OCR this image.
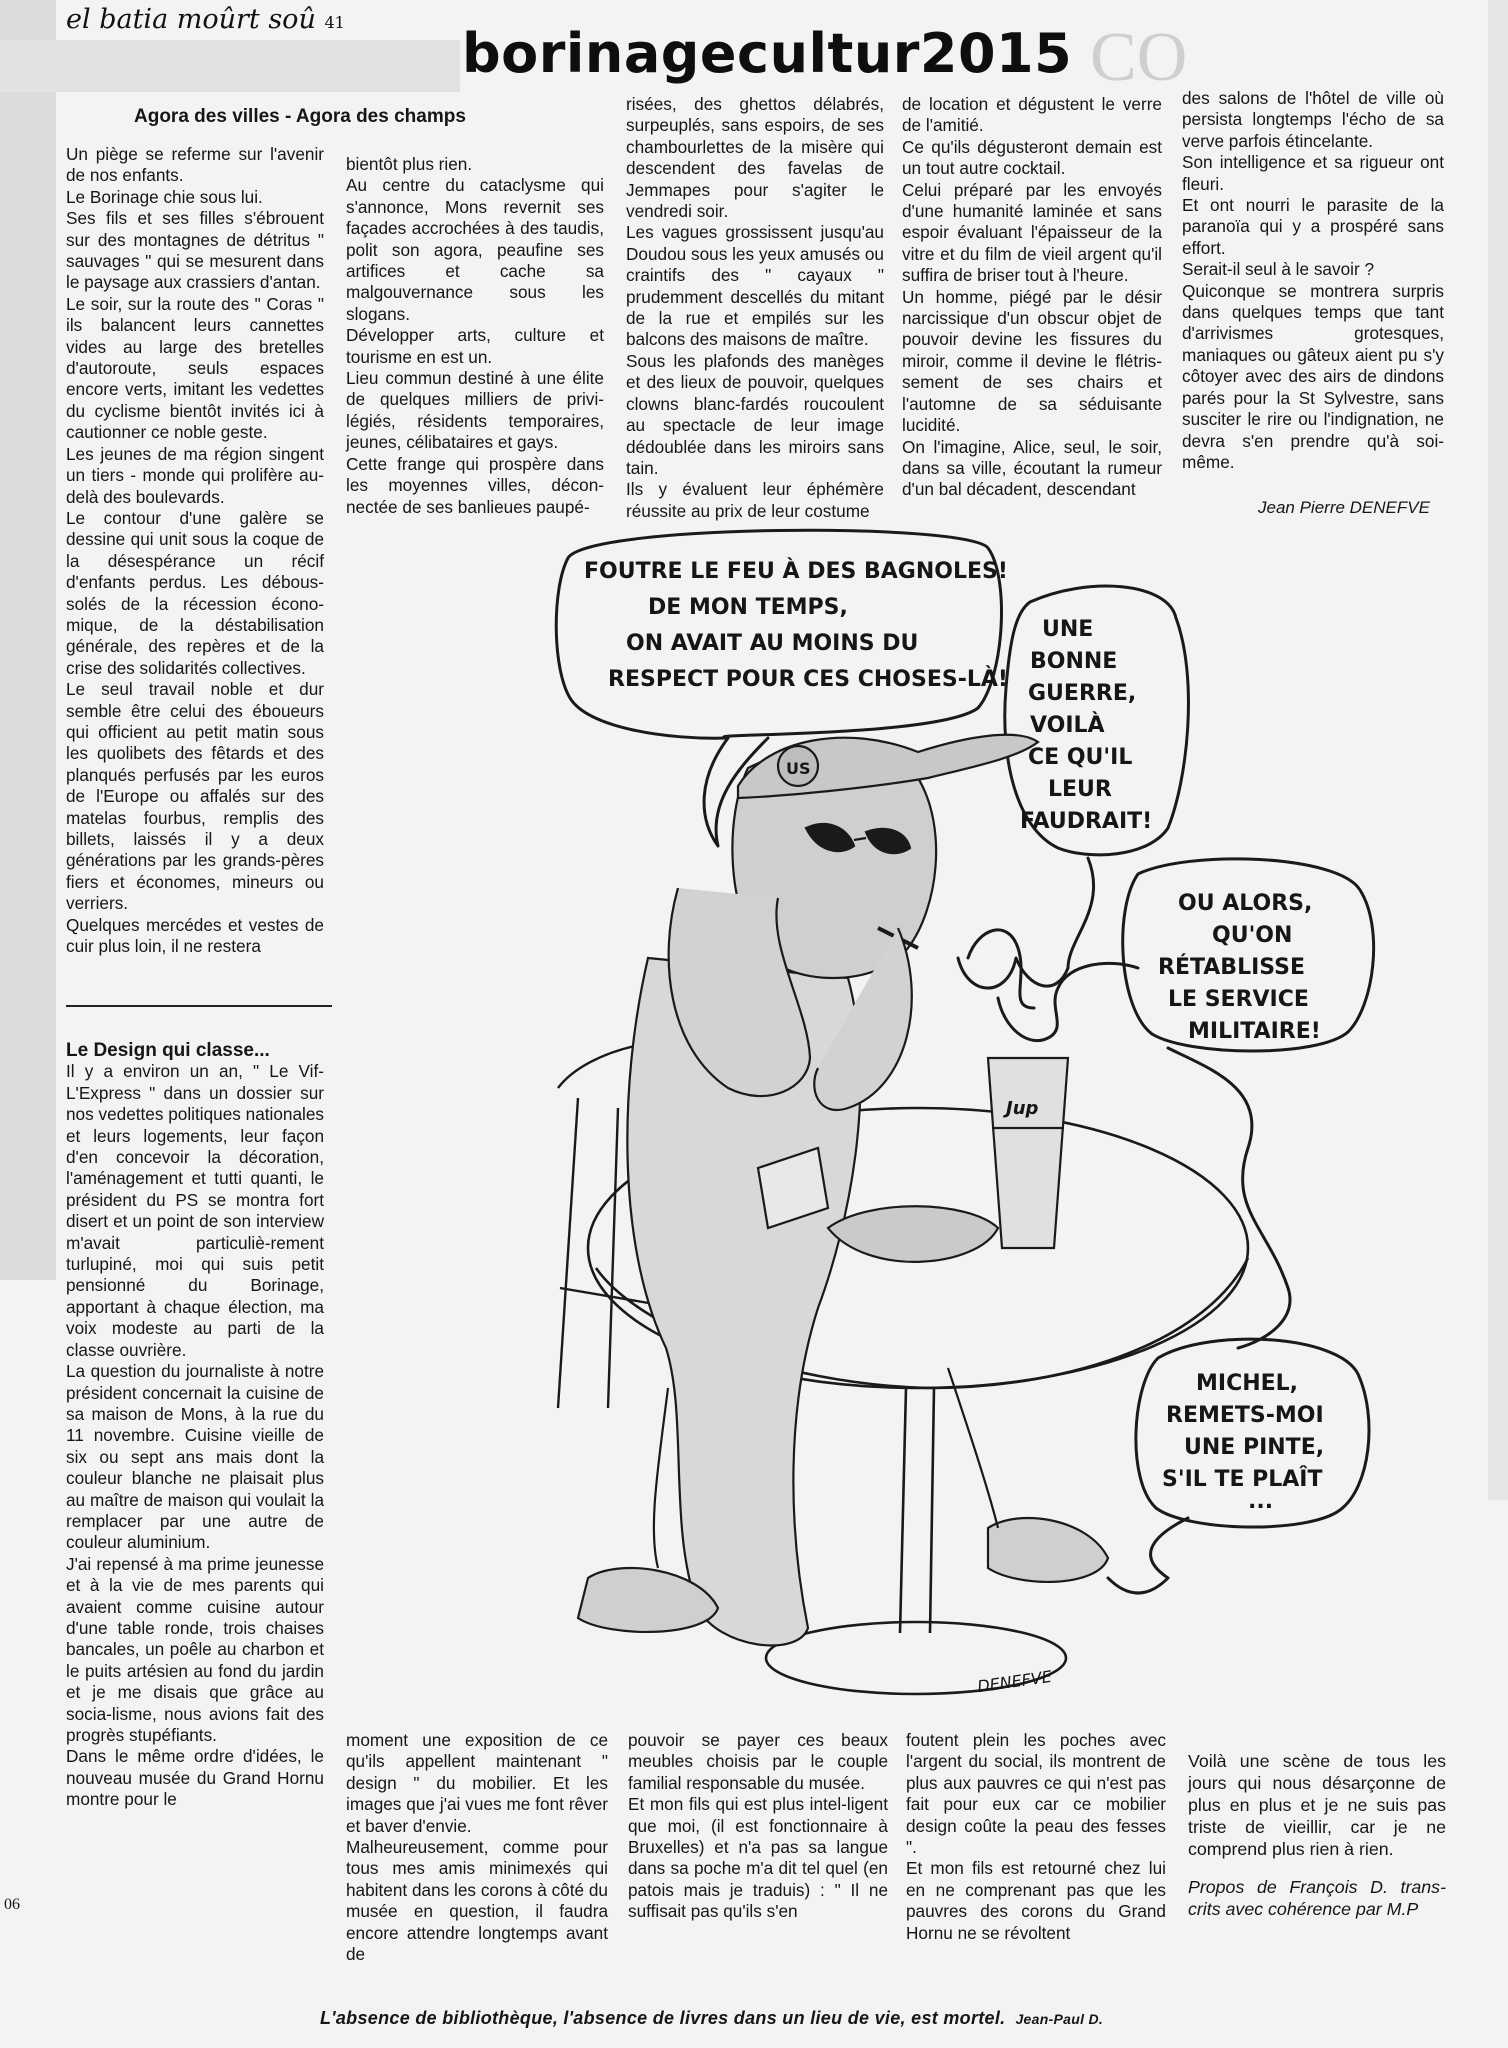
CO
el batia moûrt soû 41 borinagecultur2015

Agora des villes - Agora des champs

Un piège se referme sur l'avenir de nos enfants.

Le Borinage chie sous lui.

Ses fils et ses filles s'ébrouent sur des montagnes de détritus " sauvages " qui se mesurent dans le paysage aux crassiers d'antan.

Le soir, sur la route des " Coras " ils balancent leurs cannettes vides au large des bretelles d'autoroute, seuls espaces encore verts, imitant les vedettes du cyclisme bientôt invités ici à cautionner ce noble geste.

Les jeunes de ma région singent un tiers - monde qui prolifère au-delà des boulevards.

Le contour d'une galère se dessine qui unit sous la coque de la désespérance un récif d'enfants perdus. Les débous-solés de la récession écono-mique, de la déstabilisation générale, des repères et de la crise des solidarités collectives.

Le seul travail noble et dur semble être celui des éboueurs qui officient au petit matin sous les quolibets des fêtards et des planqués perfusés par les euros de l'Europe ou affalés sur des matelas fourbus, remplis des billets, laissés il y a deux générations par les grands-pères fiers et économes, mineurs ou verriers.

Quelques mercédes et vestes de cuir plus loin, il ne restera

bientôt plus rien.

Au centre du cataclysme qui s'annonce, Mons revernit ses façades accrochées à des taudis, polit son agora, peaufine ses artifices et cache sa malgouvernance sous les slogans.

Développer arts, culture et tourisme en est un.

Lieu commun destiné à une élite de quelques milliers de privi-légiés, résidents temporaires, jeunes, célibataires et gays.

Cette frange qui prospère dans les moyennes villes, décon-nectée de ses banlieues paupé-

risées, des ghettos délabrés, surpeuplés, sans espoirs, de ses chambourlettes de la misère qui descendent des favelas de Jemmapes pour s'agiter le vendredi soir.

Les vagues grossissent jusqu'au Doudou sous les yeux amusés ou craintifs des " cayaux " prudemment descellés du mitant de la rue et empilés sur les balcons des maisons de maître.

Sous les plafonds des manèges et des lieux de pouvoir, quelques clowns blanc-fardés roucoulent au spectacle de leur image dédoublée dans les miroirs sans tain.

Ils y évaluent leur éphémère réussite au prix de leur costume

de location et dégustent le verre de l'amitié.

Ce qu'ils dégusteront demain est un tout autre cocktail.

Celui préparé par les envoyés d'une humanité laminée et sans espoir évaluant l'épaisseur de la vitre et du film de vieil argent qu'il suffira de briser tout à l'heure.

Un homme, piégé par le désir narcissique d'un obscur objet de pouvoir devine les fissures du miroir, comme il devine le flétris-sement de ses chairs et l'automne de sa séduisante lucidité.

On l'imagine, Alice, seul, le soir, dans sa ville, écoutant la rumeur d'un bal décadent, descendant

des salons de l'hôtel de ville où persista longtemps l'écho de sa verve parfois étincelante.

Son intelligence et sa rigueur ont fleuri.

Et ont nourri le parasite de la paranoïa qui y a prospéré sans effort.

Serait-il seul à le savoir ?

Quiconque se montrera surpris dans quelques temps que tant d'arrivismes grotesques, maniaques ou gâteux aient pu s'y côtoyer avec des airs de dindons parés pour la St Sylvestre, sans susciter le rire ou l'indignation, ne devra s'en prendre qu'à soi-même.

Jean Pierre DENEFVE

Le Design qui classe...

Il y a environ un an, " Le Vif-L'Express " dans un dossier sur nos vedettes politiques nationales et leurs logements, leur façon d'en concevoir la décoration, l'aménagement et tutti quanti, le président du PS se montra fort disert et un point de son interview m'avait particuliè-rement turlupiné, moi qui suis petit pensionné du Borinage, apportant à chaque élection, ma voix modeste au parti de la classe ouvrière.

La question du journaliste à notre président concernait la cuisine de sa maison de Mons, à la rue du 11 novembre. Cuisine vieille de six ou sept ans mais dont la couleur blanche ne plaisait plus au maître de maison qui voulait la remplacer par une autre de couleur aluminium.

J'ai repensé à ma prime jeunesse et à la vie de mes parents qui avaient comme cuisine autour d'une table ronde, trois chaises bancales, un poêle au charbon et le puits artésien au fond du jardin et je me disais que grâce au socia-lisme, nous avions fait des progrès stupéfiants.

Dans le même ordre d'idées, le nouveau musée du Grand Hornu montre pour le

moment une exposition de ce qu'ils appellent maintenant " design " du mobilier. Et les images que j'ai vues me font rêver et baver d'envie.

Malheureusement, comme pour tous mes amis minimexés qui habitent dans les corons à côté du musée en question, il faudra encore attendre longtemps avant de

pouvoir se payer ces beaux meubles choisis par le couple familial responsable du musée.

Et mon fils qui est plus intel-ligent que moi, (il est fonctionnaire à Bruxelles) et n'a pas sa langue dans sa poche m'a dit tel quel (en patois mais je traduis) : " Il ne suffisait pas qu'ils s'en

foutent plein les poches avec l'argent du social, ils montrent de plus aux pauvres ce qui n'est pas fait pour eux car ce mobilier design coûte la peau des fesses ".

Et mon fils est retourné chez lui en ne comprenant pas que les pauvres des corons du Grand Hornu ne se révoltent

Voilà une scène de tous les jours qui nous désarçonne de plus en plus et je ne suis pas triste de vieillir, car je ne comprend plus rien à rien.

Propos de François D. trans-crits avec cohérence par M.P

FOUTRE LE FEU À DES BAGNOLES!
DE MON TEMPS,
ON AVAIT AU MOINS DU
RESPECT POUR CES CHOSES-LÀ!
UNE
BONNE
GUERRE,
VOILÀ
CE QU'IL
LEUR
FAUDRAIT!
OU ALORS,
QU'ON
RÉTABLISSE
LE SERVICE
MILITAIRE!
MICHEL,
REMETS-MOI
UNE PINTE,
S'IL TE PLAÎT
...
US
Jup
DENEFVE
06
L'absence de bibliothèque, l'absence de livres dans un lieu de vie, est mortel. Jean-Paul D.
